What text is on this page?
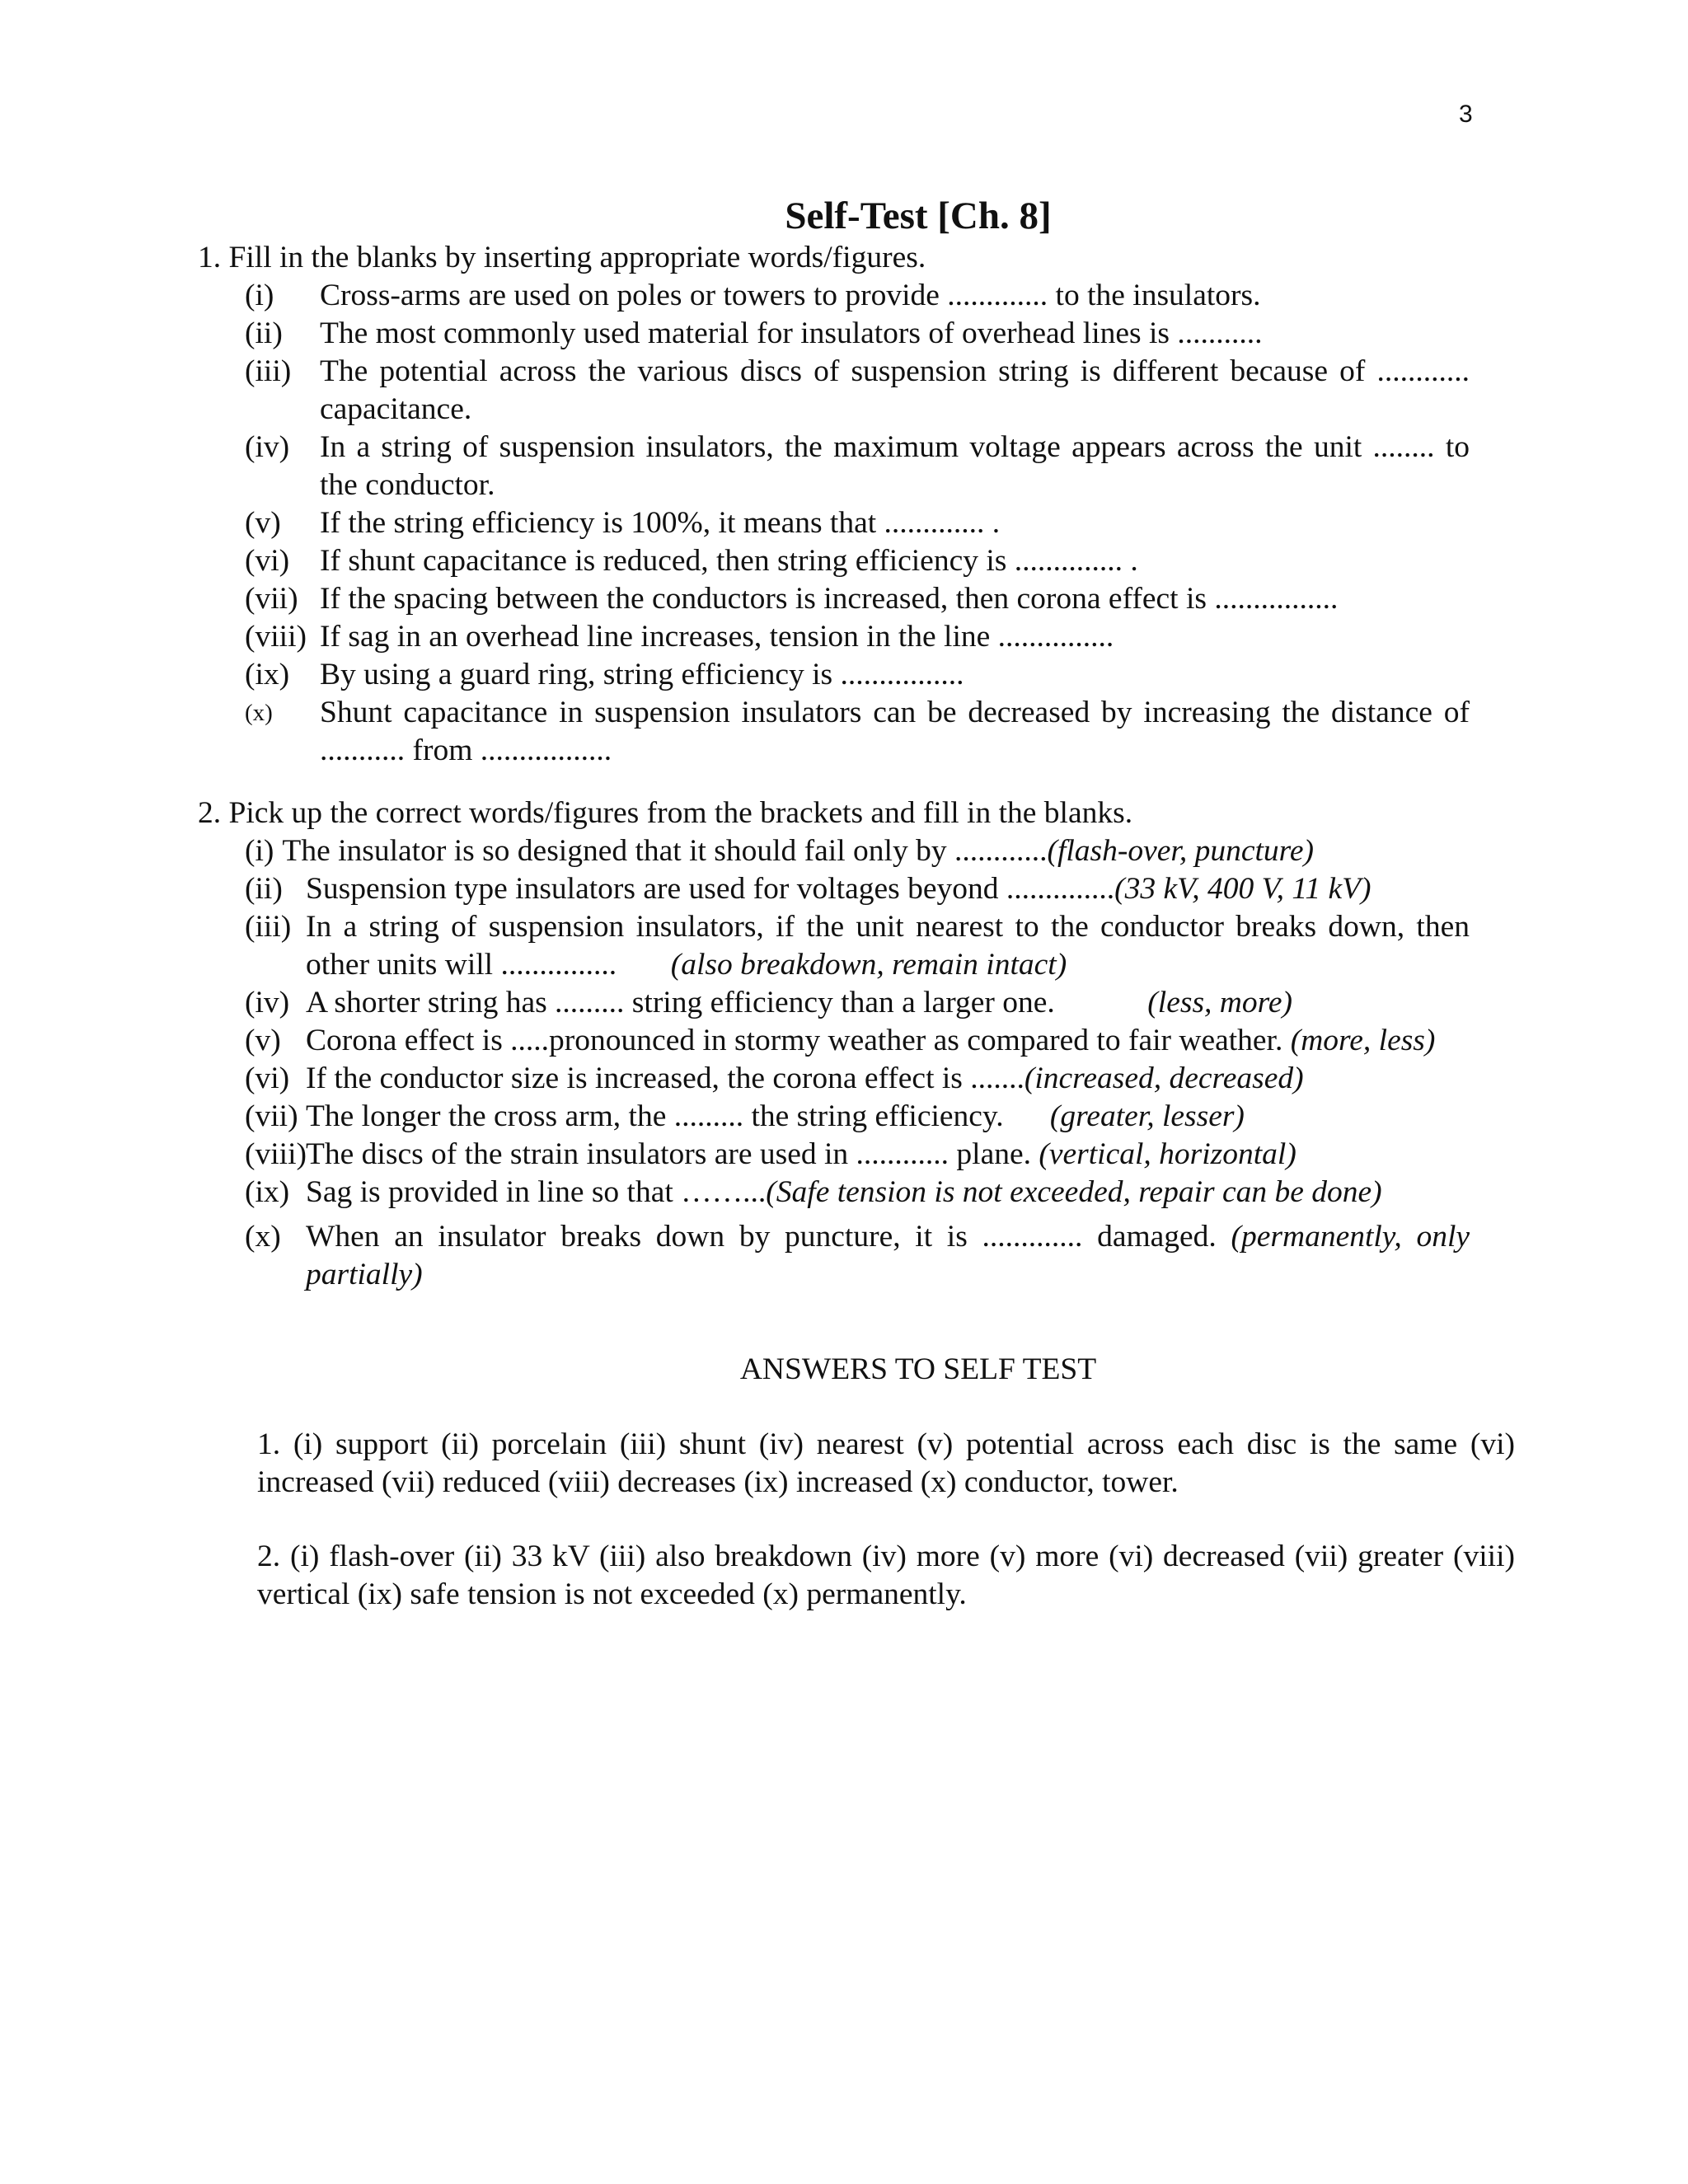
3
Self-Test [Ch. 8]
1. Fill in the blanks by inserting appropriate words/figures.
(i)	Cross-arms are used on poles or towers to provide ............. to the insulators.
(ii)	The most commonly used material for insulators of overhead lines is ...........
(iii) The potential across the various discs of suspension string is different because of ............ capacitance.
(iv) In a string of suspension insulators, the maximum voltage appears across the unit ........ to the conductor.
(v)	If the string efficiency is 100%, it means that ............. .
(vi) If shunt capacitance is reduced, then string efficiency is .............. .
(vii) If the spacing between the conductors is increased, then corona effect is ................
(viii) If sag in an overhead line increases, tension in the line ...............
(ix) By using a guard ring, string efficiency is ................
(x)	Shunt capacitance in suspension insulators can be decreased by increasing the distance of ........... from .................
2. Pick up the correct words/figures from the brackets and fill in the blanks.
(i) The insulator is so designed that it should fail only by ............(flash-over, puncture)
(ii) Suspension type insulators are used for voltages beyond ..............(33 kV, 400 V, 11 kV)
(iii) In a string of suspension insulators, if the unit nearest to the conductor breaks down, then other units will ............... (also breakdown, remain intact)
(iv) A shorter string has ......... string efficiency than a larger one.	(less, more)
(v) Corona effect is .....pronounced in stormy weather as compared to fair weather. (more, less)
(vi) If the conductor size is increased, the corona effect is .......(increased, decreased)
(vii) The longer the cross arm, the ......... the string efficiency. (greater, lesser)
(viii) The discs of the strain insulators are used in ............ plane. (vertical, horizontal)
(ix) Sag is provided in line so that ……...(Safe tension is not exceeded, repair can be done)
(x) When an insulator breaks down by puncture, it is ............. damaged. (permanently, only partially)
ANSWERS TO SELF TEST
1. (i) support (ii) porcelain (iii) shunt (iv) nearest (v) potential across each disc is the same (vi) increased (vii) reduced (viii) decreases (ix) increased (x) conductor, tower.
2. (i) flash-over (ii) 33 kV (iii) also breakdown (iv) more (v) more (vi) decreased (vii) greater (viii) vertical (ix) safe tension is not exceeded (x) permanently.
